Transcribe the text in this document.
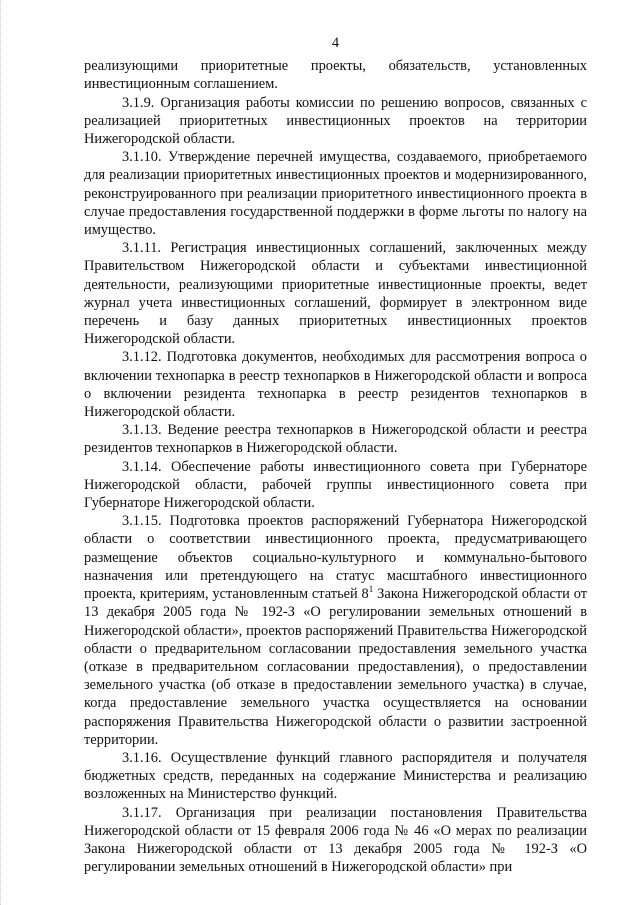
4

реализующими приоритетные проекты, обязательств, установленных инвестиционным соглашением.

3.1.9. Организация работы комиссии по решению вопросов, связанных с реализацией приоритетных инвестиционных проектов на территории Нижегородской области.

3.1.10. Утверждение перечней имущества, создаваемого, приобретаемого для реализации приоритетных инвестиционных проектов и модернизированного, реконструированного при реализации приоритетного инвестиционного проекта в случае предоставления государственной поддержки в форме льготы по налогу на имущество.

3.1.11. Регистрация инвестиционных соглашений, заключенных между Правительством Нижегородской области и субъектами инвестиционной деятельности, реализующими приоритетные инвестиционные проекты, ведет журнал учета инвестиционных соглашений, формирует в электронном виде перечень и базу данных приоритетных инвестиционных проектов Нижегородской области.

3.1.12. Подготовка документов, необходимых для рассмотрения вопроса о включении технопарка в реестр технопарков в Нижегородской области и вопроса о включении резидента технопарка в реестр резидентов технопарков в Нижегородской области.

3.1.13. Ведение реестра технопарков в Нижегородской области и реестра резидентов технопарков в Нижегородской области.

3.1.14. Обеспечение работы инвестиционного совета при Губернаторе Нижегородской области, рабочей группы инвестиционного совета при Губернаторе Нижегородской области.

3.1.15. Подготовка проектов распоряжений Губернатора Нижегородской области о соответствии инвестиционного проекта, предусматривающего размещение объектов социально-культурного и коммунально-бытового назначения или претендующего на статус масштабного инвестиционного проекта, критериям, установленным статьей $8^1$ Закона Нижегородской области от 13 декабря 2005 года № 192-З «О регулировании земельных отношений в Нижегородской области», проектов распоряжений Правительства Нижегородской области о предварительном согласовании предоставления земельного участка (отказе в предварительном согласовании предоставления), о предоставлении земельного участка (об отказе в предоставлении земельного участка) в случае, когда предоставление земельного участка осуществляется на основании распоряжения Правительства Нижегородской области о развитии застроенной территории.

3.1.16. Осуществление функций главного распорядителя и получателя бюджетных средств, переданных на содержание Министерства и реализацию возложенных на Министерство функций.

3.1.17. Организация при реализации постановления Правительства Нижегородской области от 15 февраля 2006 года № 46 «О мерах по реализации Закона Нижегородской области от 13 декабря 2005 года № 192-З «О регулировании земельных отношений в Нижегородской области» при
